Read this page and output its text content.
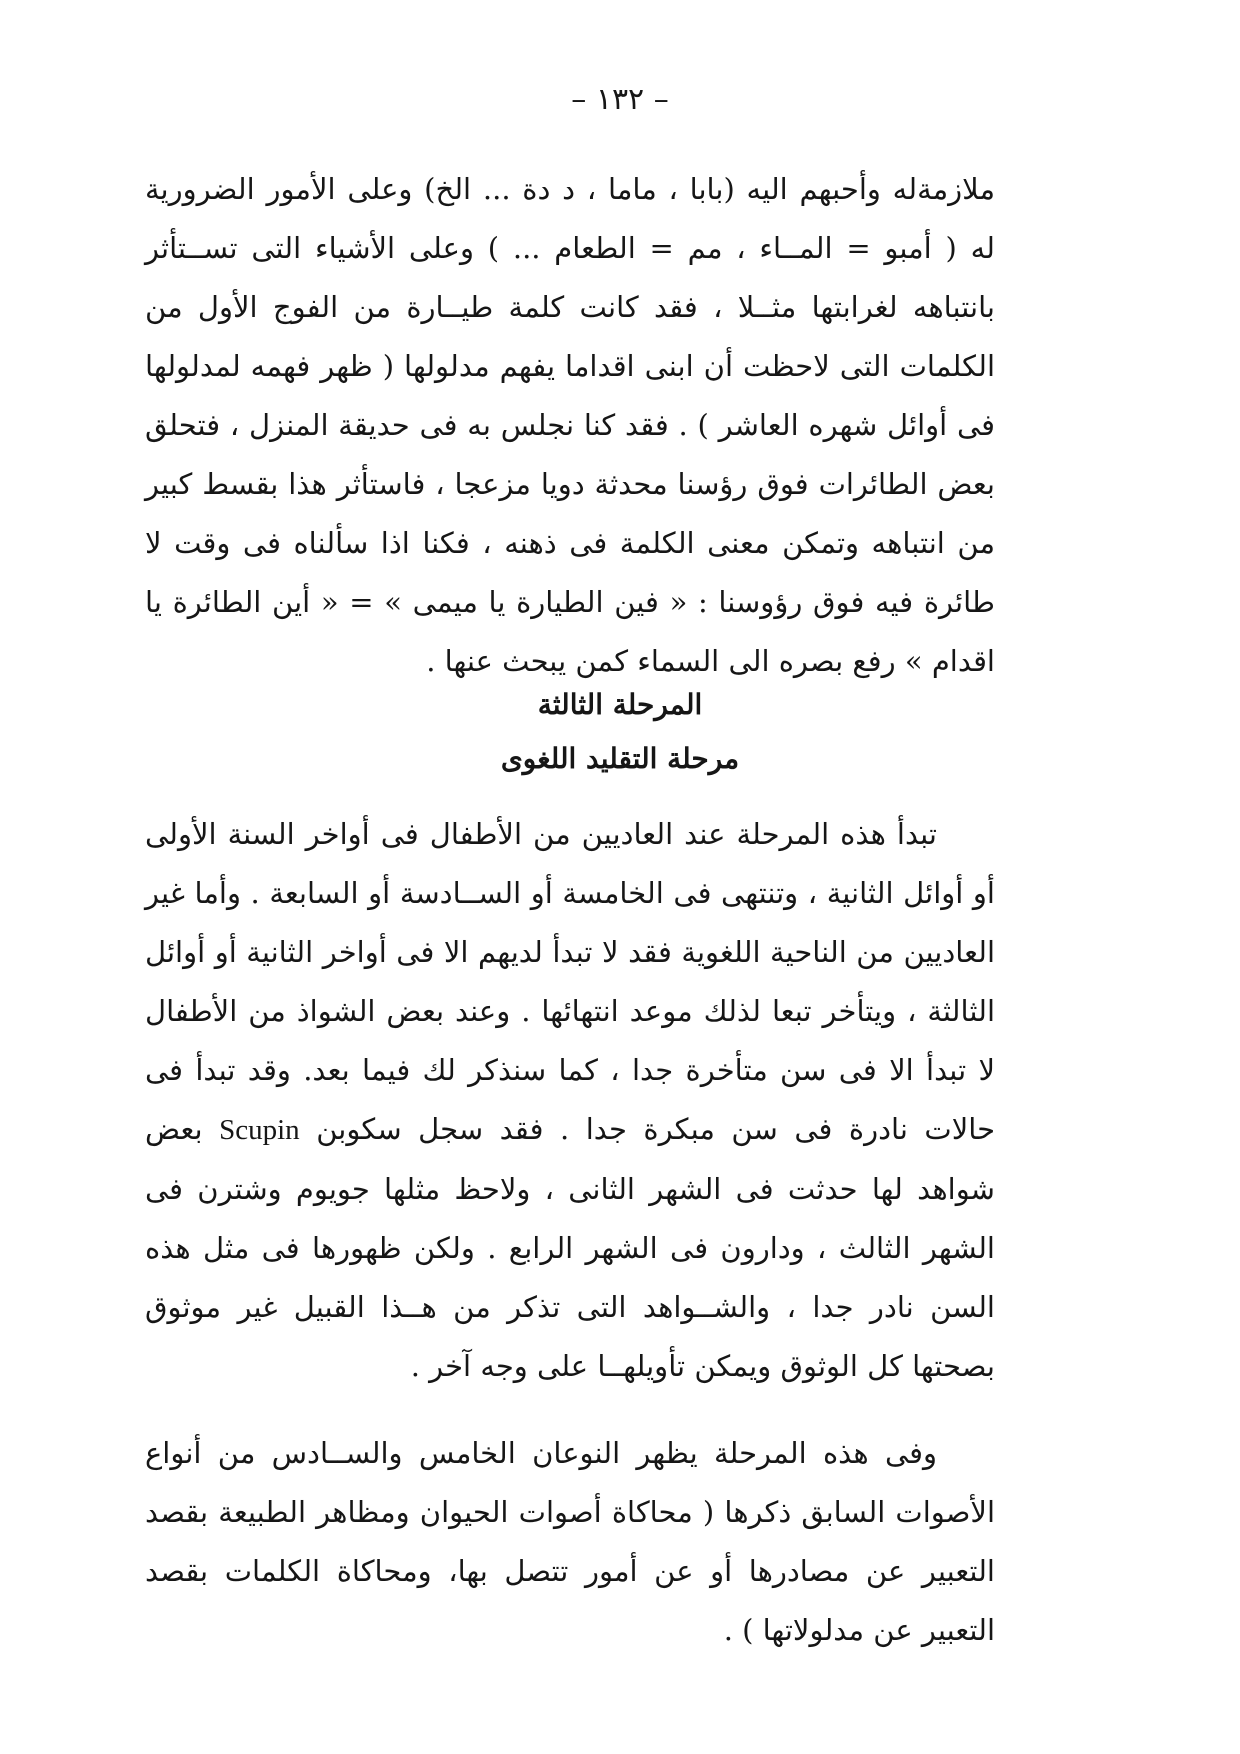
– ١٣٢ –

ملازمةله وأحبهم اليه (بابا ، ماما ، د دة ... الخ) وعلى الأمور الضرورية له ( أمبو = المــاء ، مم = الطعام ... ) وعلى الأشياء التى تســتأثر بانتباهه لغرابتها مثــلا ، فقد كانت كلمة طيــارة من الفوج الأول من الكلمات التى لاحظت أن ابنى اقداما يفهم مدلولها ( ظهر فهمه لمدلولها فى أوائل شهره العاشر ) . فقد كنا نجلس به فى حديقة المنزل ، فتحلق بعض الطائرات فوق رؤسنا محدثة دويا مزعجا ، فاستأثر هذا بقسط كبير من انتباهه وتمكن معنى الكلمة فى ذهنه ، فكنا اذا سألناه فى وقت لا طائرة فيه فوق رؤوسنا : « فين الطيارة يا ميمى » = « أين الطائرة يا اقدام » رفع بصره الى السماء كمن يبحث عنها .

المرحلة الثالثة
مرحلة التقليد اللغوى

تبدأ هذه المرحلة عند العاديين من الأطفال فى أواخر السنة الأولى أو أوائل الثانية ، وتنتهى فى الخامسة أو الســادسة أو السابعة . وأما غير العاديين من الناحية اللغوية فقد لا تبدأ لديهم الا فى أواخر الثانية أو أوائل الثالثة ، ويتأخر تبعا لذلك موعد انتهائها . وعند بعض الشواذ من الأطفال لا تبدأ الا فى سن متأخرة جدا ، كما سنذكر لك فيما بعد. وقد تبدأ فى حالات نادرة فى سن مبكرة جدا . فقد سجل سكوبن Scupin بعض شواهد لها حدثت فى الشهر الثانى ، ولاحظ مثلها جويوم وشترن فى الشهر الثالث ، ودارون فى الشهر الرابع . ولكن ظهورها فى مثل هذه السن نادر جدا ، والشــواهد التى تذكر من هــذا القبيل غير موثوق بصحتها كل الوثوق ويمكن تأويلهــا على وجه آخر .

وفى هذه المرحلة يظهر النوعان الخامس والســادس من أنواع الأصوات السابق ذكرها ( محاكاة أصوات الحيوان ومظاهر الطبيعة بقصد التعبير عن مصادرها أو عن أمور تتصل بها، ومحاكاة الكلمات بقصد التعبير عن مدلولاتها ) .
